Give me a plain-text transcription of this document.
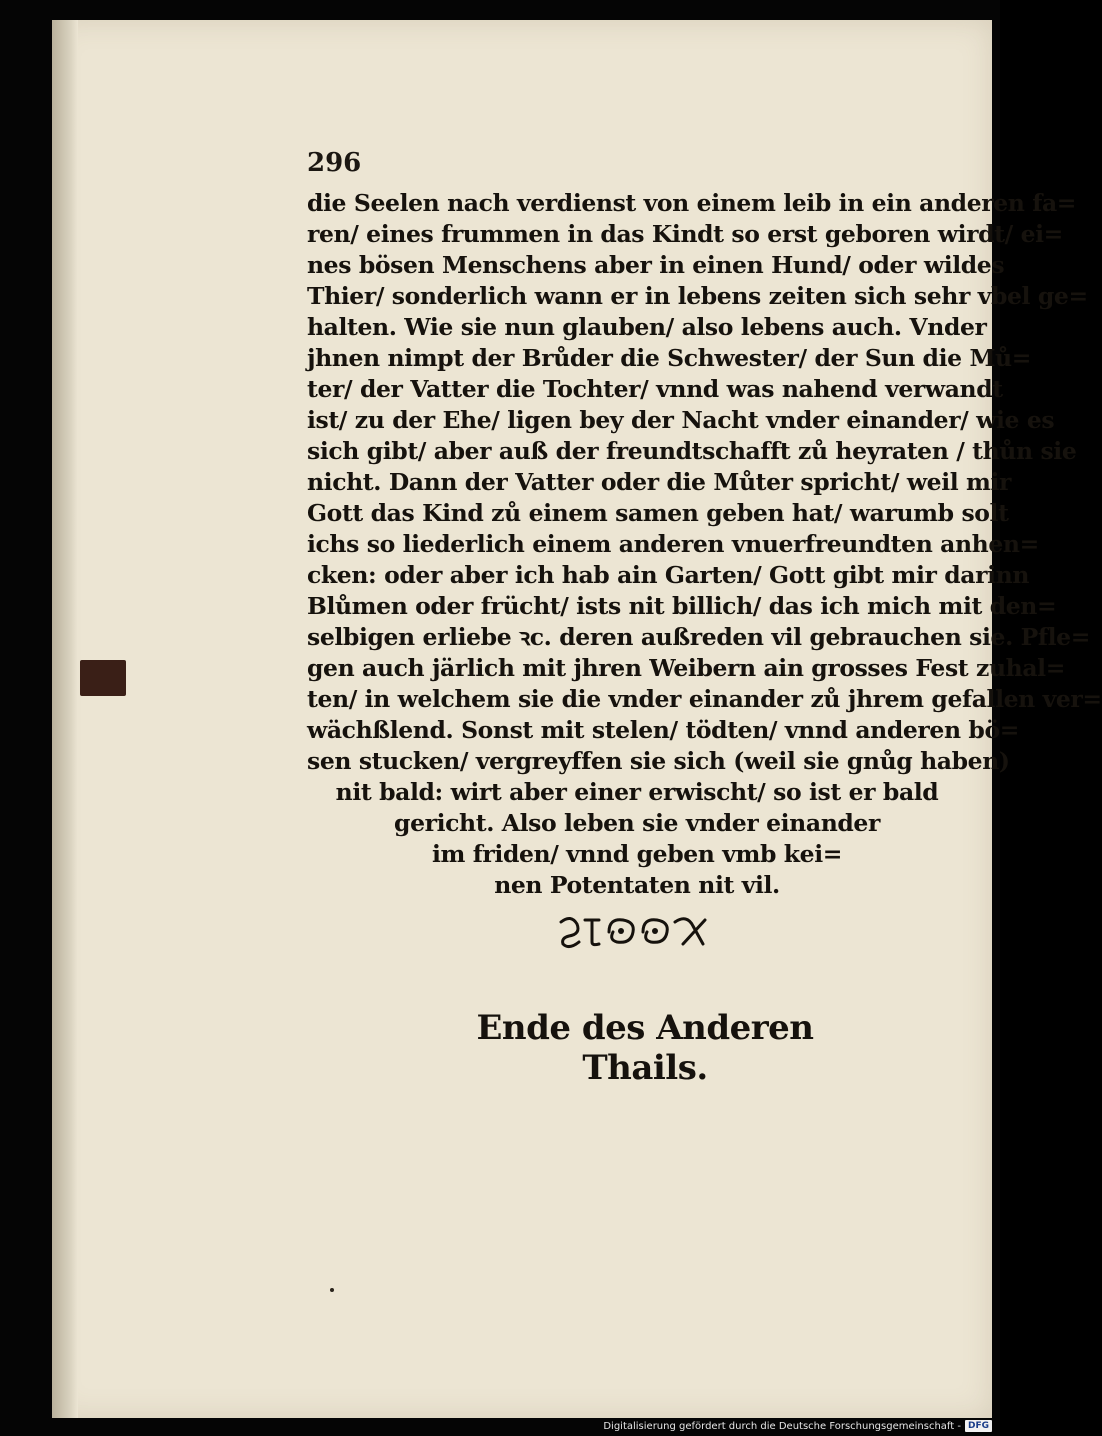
296
die Seelen nach verdienst von einem leib in ein anderen fa=
ren/ eines frummen in das Kindt so erst geboren wirdt/ ei=
nes bösen Menschens aber in einen Hund/ oder wildes
Thier/ sonderlich wann er in lebens zeiten sich sehr vbel ge=
halten. Wie sie nun glauben/ also lebens auch. Vnder
jhnen nimpt der Brůder die Schwester/ der Sun die Mů=
ter/ der Vatter die Tochter/ vnnd was nahend verwandt
ist/ zu der Ehe/ ligen bey der Nacht vnder einander/ wie es
sich gibt/ aber auß der freundtschafft zů heyraten / thůn sie
nicht. Dann der Vatter oder die Můter spricht/ weil mir
Gott das Kind zů einem samen geben hat/ warumb solt
ichs so liederlich einem anderen vnuerfreundten anhen=
cken: oder aber ich hab ain Garten/ Gott gibt mir darinn
Blůmen oder frücht/ ists nit billich/ das ich mich mit den=
selbigen erliebe ꝛc. deren außreden vil gebrauchen sie. Pfle=
gen auch järlich mit jhren Weibern ain grosses Fest zuhal=
ten/ in welchem sie die vnder einander zů jhrem gefallen ver=
wächßlend. Sonst mit stelen/ tödten/ vnnd anderen bö=
sen stucken/ vergreyffen sie sich (weil sie gnůg haben)
nit bald: wirt aber einer erwischt/ so ist er bald
gericht. Also leben sie vnder einander
im friden/ vnnd geben vmb kei=
nen Potentaten nit vil.
Ende des Anderen Thails.
Digitalisierung gefördert durch die Deutsche Forschungsgemeinschaft - DFG
